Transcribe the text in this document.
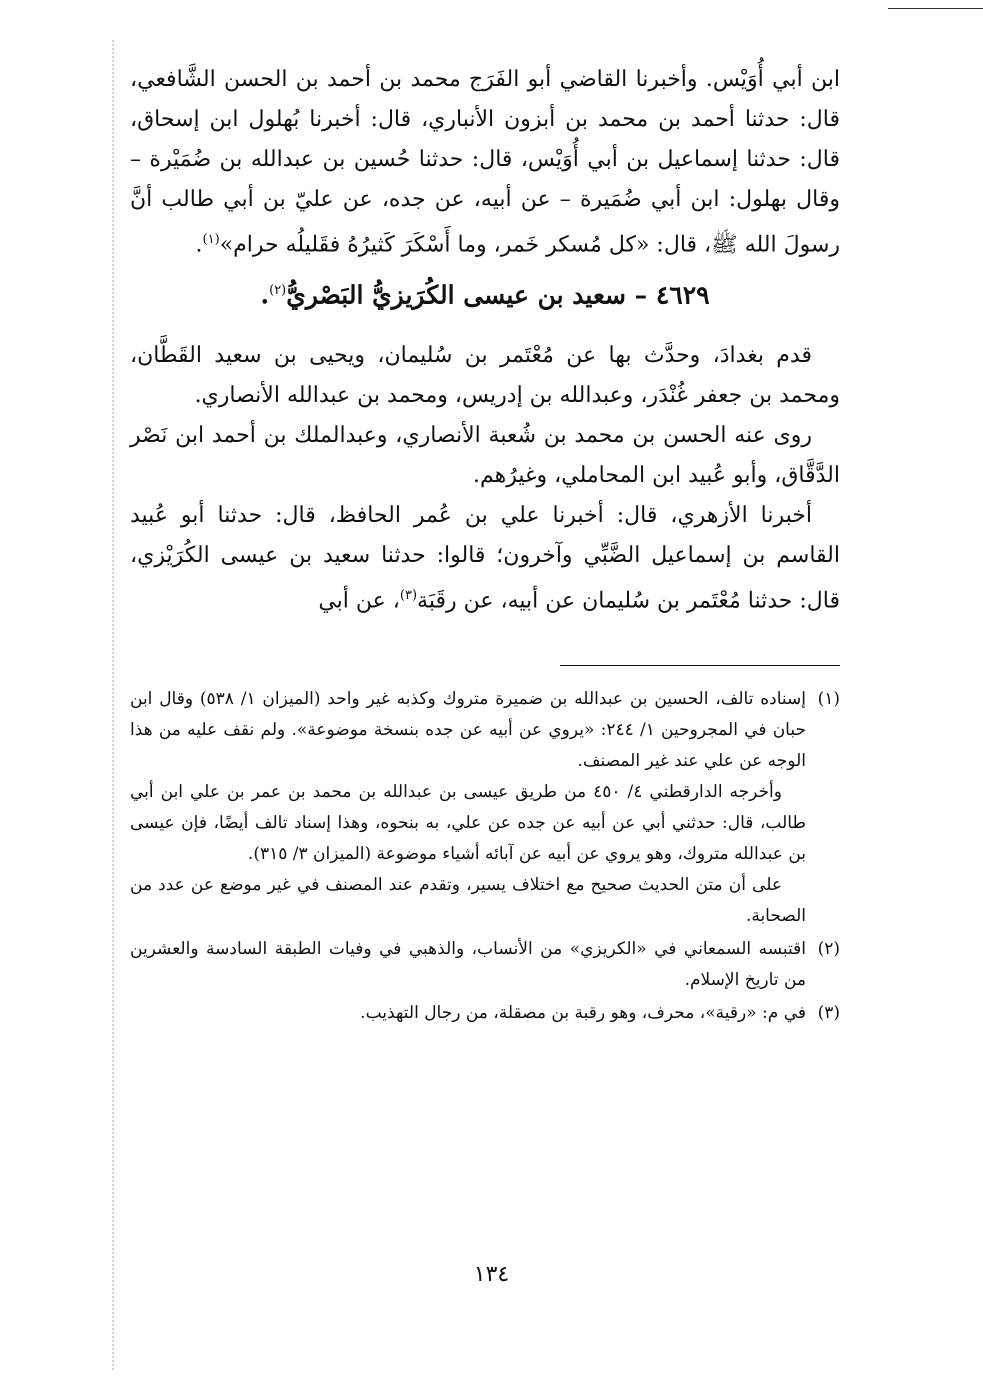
ابن أبي أُوَيْس. وأخبرنا القاضي أبو الفَرَج محمد بن أحمد بن الحسن الشَّافعي، قال: حدثنا أحمد بن محمد بن أبزون الأنباري، قال: أخبرنا بُهلول ابن إسحاق، قال: حدثنا إسماعيل بن أبي أُوَيْس، قال: حدثنا حُسين بن عبدالله بن ضُمَيْرة – وقال بهلول: ابن أبي ضُمَيرة – عن أبيه، عن جده، عن عليّ بن أبي طالب أنَّ رسولَ الله ﷺ، قال: «كل مُسكر خَمر، وما أَسْكَرَ كَثيرُهُ فقَليلُه حرام»$^{(١)}$.

٤٦٢٩ – سعيد بن عيسى الكُرَيزيُّ البَصْريُّ$^{(٢)}$.

قدم بغدادَ، وحدَّث بها عن مُعْتَمر بن سُليمان، ويحيى بن سعيد القَطَّان، ومحمد بن جعفر غُنْدَر، وعبدالله بن إدريس، ومحمد بن عبدالله الأنصاري.

روى عنه الحسن بن محمد بن شُعبة الأنصاري، وعبدالملك بن أحمد ابن نَصْر الدَّقَّاق، وأبو عُبيد ابن المحاملي، وغيرُهم.

أخبرنا الأزهري، قال: أخبرنا علي بن عُمر الحافظ، قال: حدثنا أبو عُبيد القاسم بن إسماعيل الضَّبِّي وآخرون؛ قالوا: حدثنا سعيد بن عيسى الكُرَيْزي، قال: حدثنا مُعْتَمر بن سُليمان عن أبيه، عن رقَبَة$^{(٣)}$، عن أبي

(١)

إسناده تالف، الحسين بن عبدالله بن ضميرة متروك وكذبه غير واحد (الميزان ١/ ٥٣٨) وقال ابن حبان في المجروحين ١/ ٢٤٤: «يروي عن أبيه عن جده بنسخة موضوعة». ولم نقف عليه من هذا الوجه عن علي عند غير المصنف.

وأخرجه الدارقطني ٤/ ٤٥٠ من طريق عيسى بن عبدالله بن محمد بن عمر بن علي ابن أبي طالب، قال: حدثني أبي عن أبيه عن جده عن علي، به بنحوه، وهذا إسناد تالف أيضًا، فإن عيسى بن عبدالله متروك، وهو يروي عن أبيه عن آبائه أشياء موضوعة (الميزان ٣/ ٣١٥).

على أن متن الحديث صحيح مع اختلاف يسير، وتقدم عند المصنف في غير موضع عن عدد من الصحابة.

(٢)

اقتبسه السمعاني في «الكريزي» من الأنساب، والذهبي في وفيات الطبقة السادسة والعشرين من تاريخ الإسلام.

(٣)

في م: «رقية»، محرف، وهو رقبة بن مصقلة، من رجال التهذيب.

١٣٤
